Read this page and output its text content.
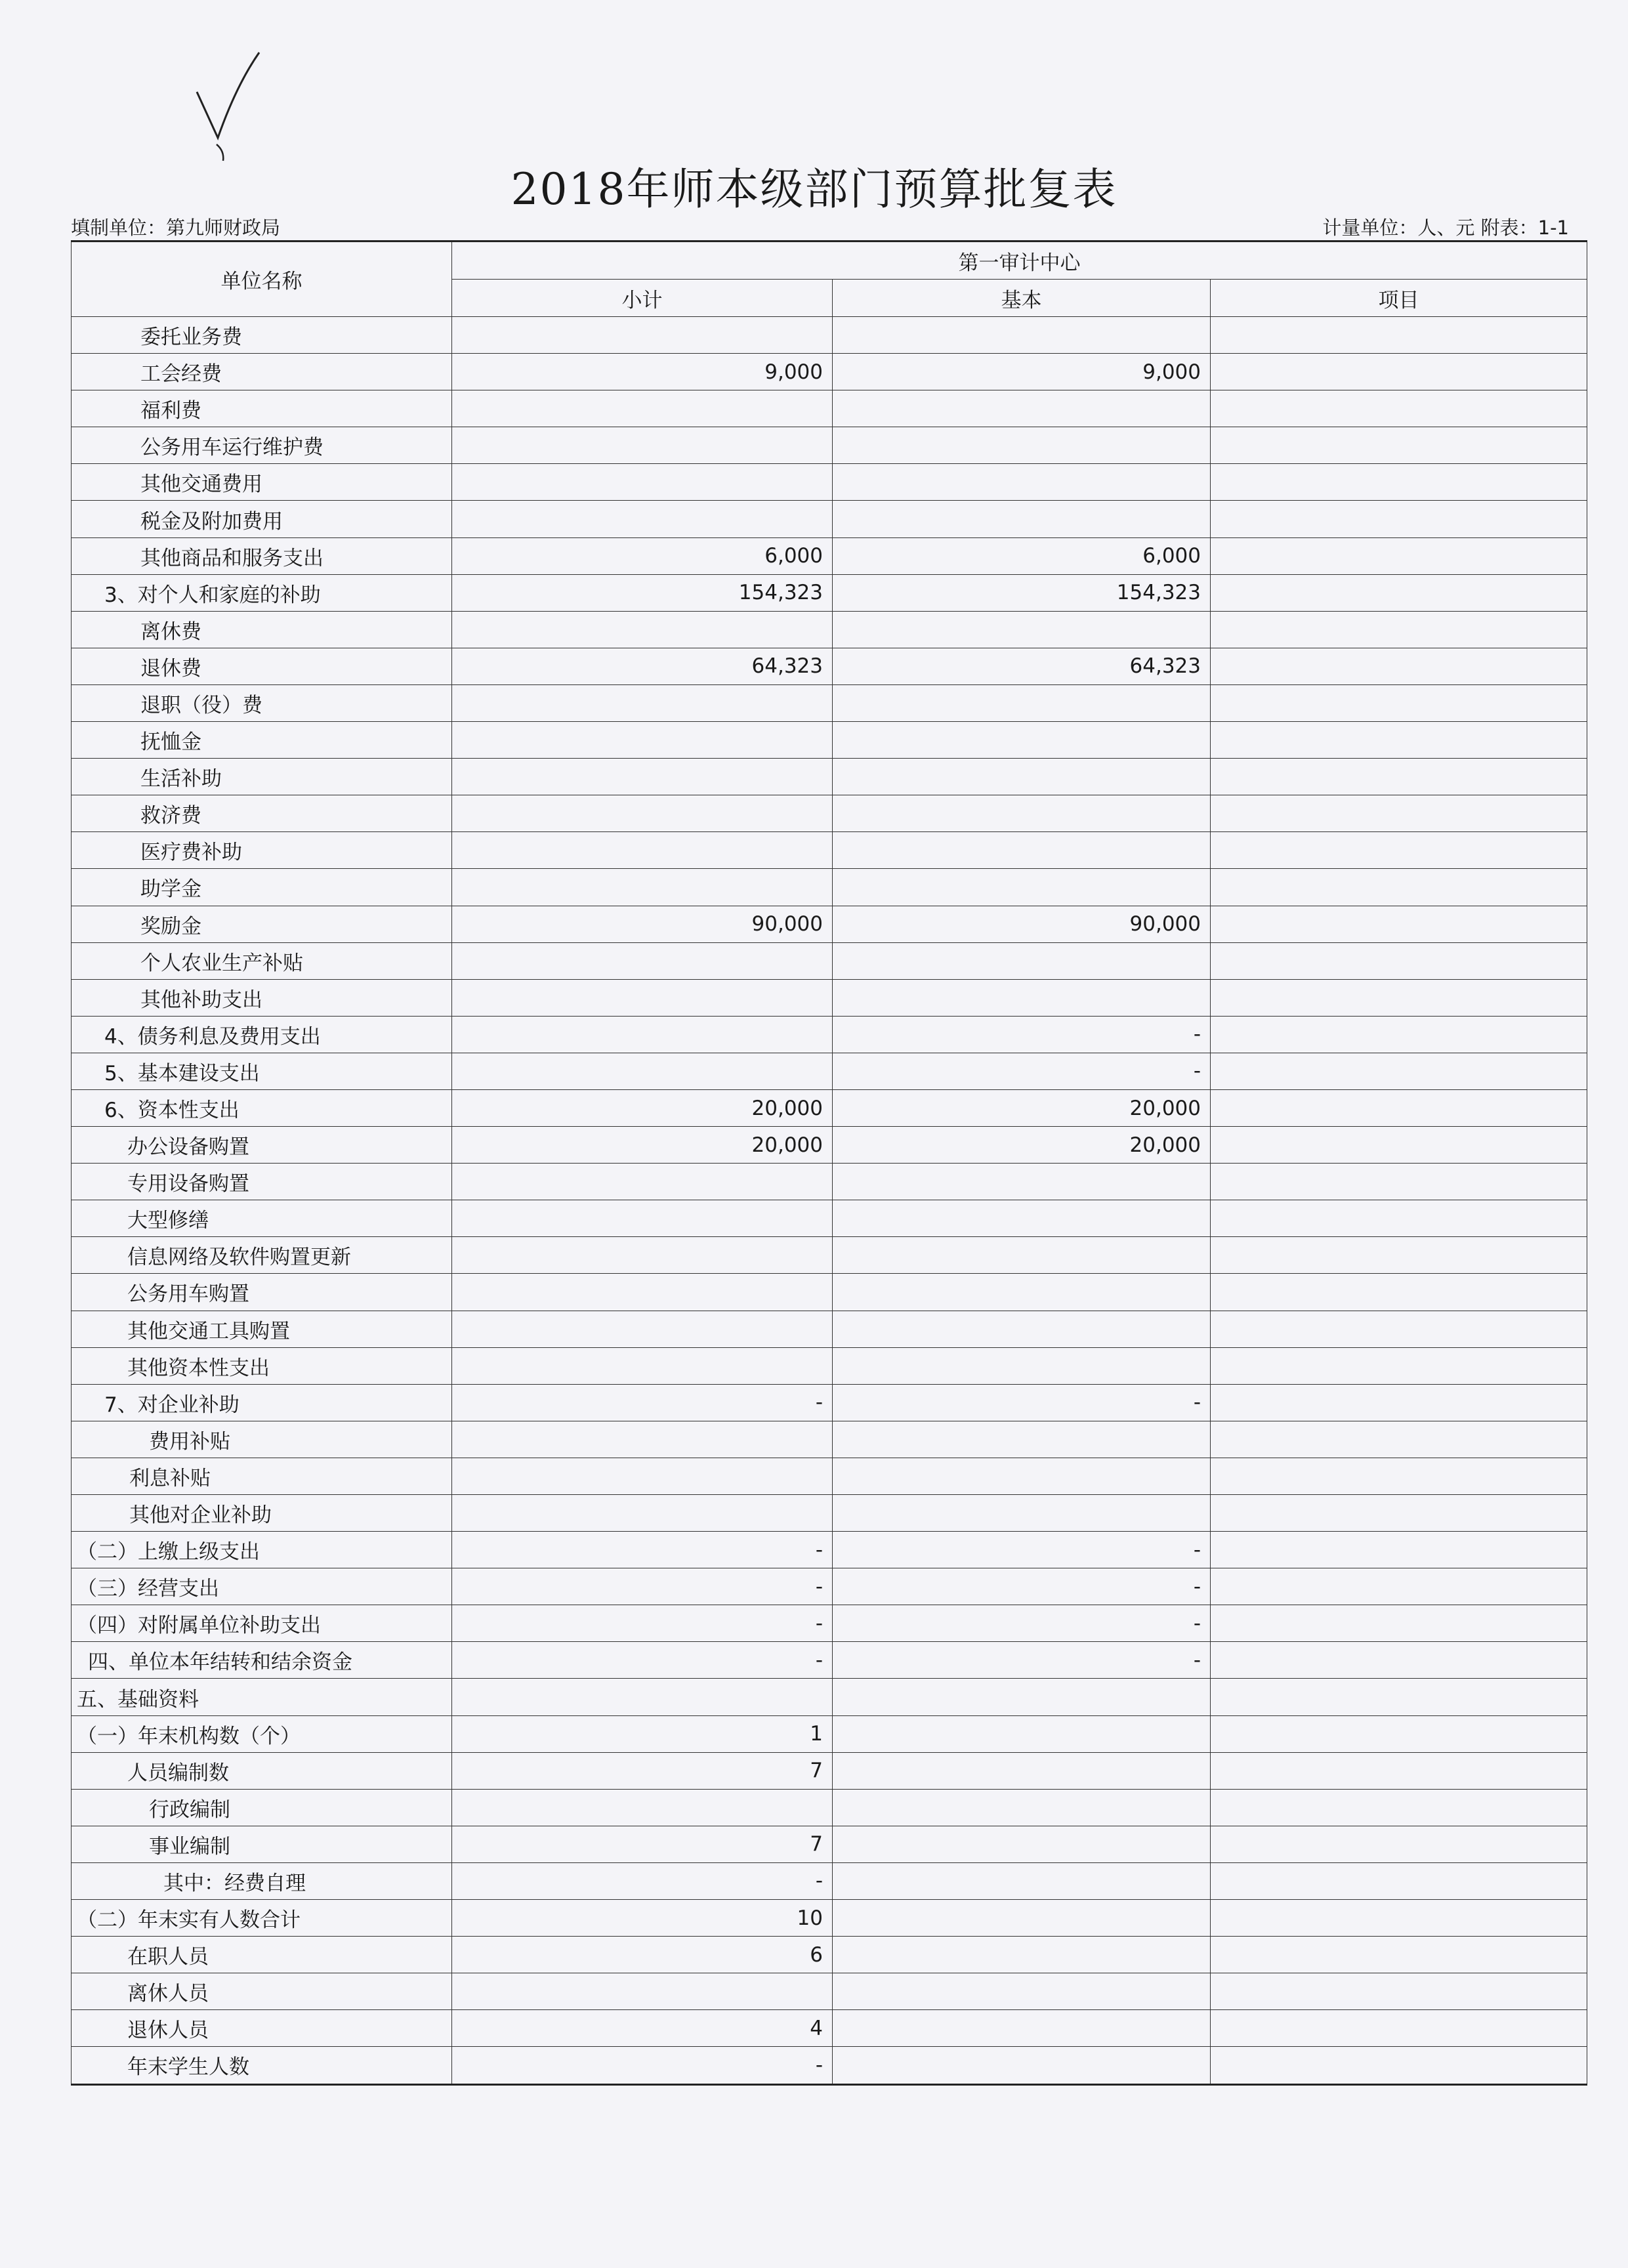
2018年师本级部门预算批复表
填制单位：第九师财政局	计量单位：人、元 附表：1-1
单位名称	第一审计中心		
	小计	基本	项目
委托业务费			
工会经费	9,000	9,000	
福利费			
公务用车运行维护费			
其他交通费用			
税金及附加费用			
其他商品和服务支出	6,000	6,000	
3、对个人和家庭的补助	154,323	154,323	
离休费			
退休费	64,323	64,323	
退职（役）费			
抚恤金			
生活补助			
救济费			
医疗费补助			
助学金			
奖励金	90,000	90,000	
个人农业生产补贴			
其他补助支出			
4、债务利息及费用支出		-	
5、基本建设支出		-	
6、资本性支出	20,000	20,000	
办公设备购置	20,000	20,000	
专用设备购置			
大型修缮			
信息网络及软件购置更新			
公务用车购置			
其他交通工具购置			
其他资本性支出			
7、对企业补助	-	-	
费用补贴			
利息补贴			
其他对企业补助			
（二）上缴上级支出	-	-	
（三）经营支出	-	-	
（四）对附属单位补助支出	-	-	
四、单位本年结转和结余资金	-	-	
五、基础资料			
（一）年末机构数（个）	1		
人员编制数	7		
行政编制			
事业编制	7		
其中：经费自理	-		
（二）年末实有人数合计	10		
在职人员	6		
离休人员			
退休人员	4		
年末学生人数	-		
